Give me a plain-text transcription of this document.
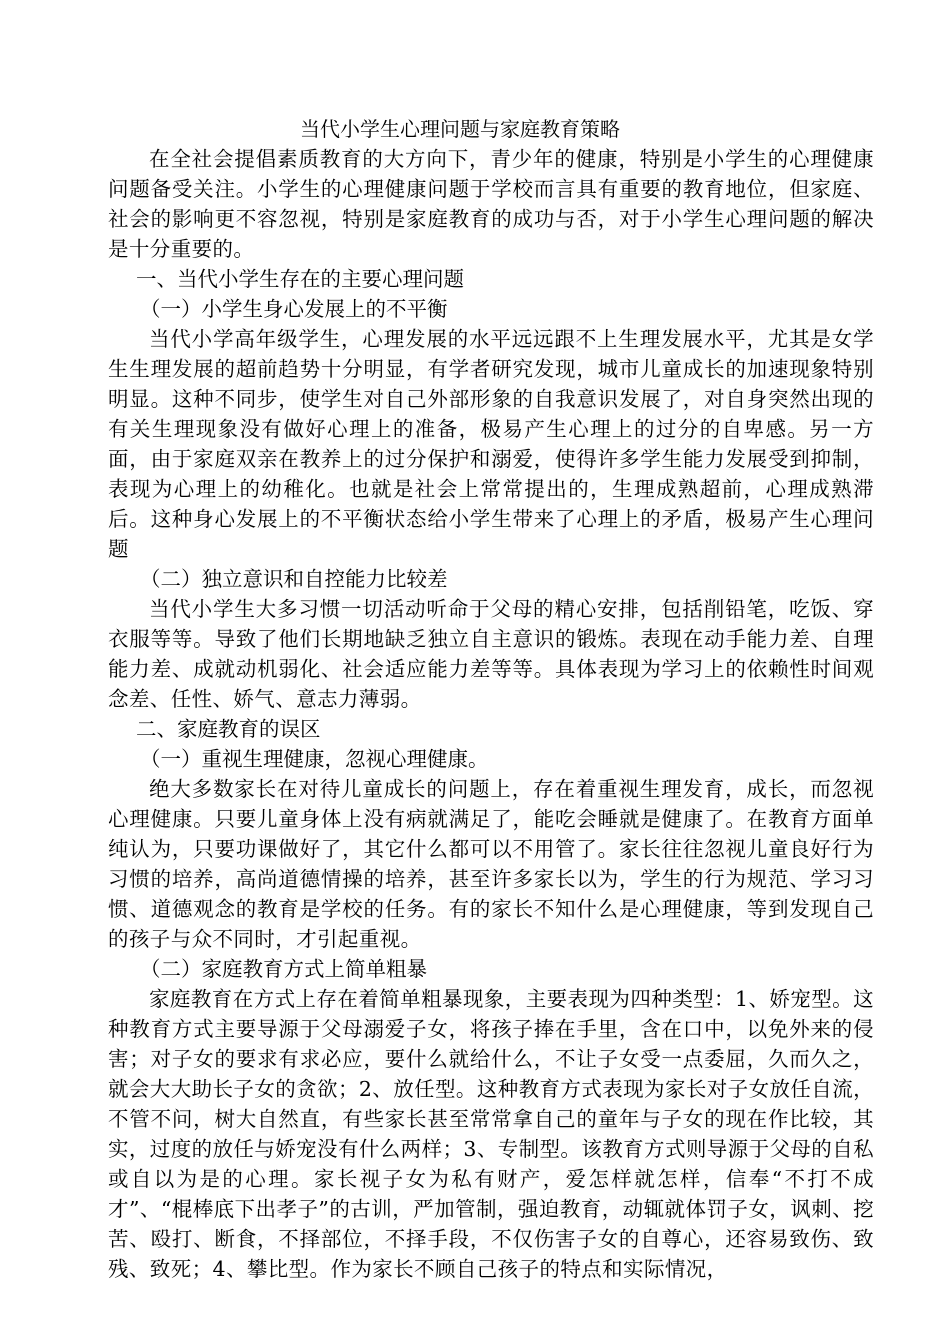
当代小学生心理问题与家庭教育策略

在全社会提倡素质教育的大方向下，青少年的健康，特别是小学生的心理健康问题备受关注。小学生的心理健康问题于学校而言具有重要的教育地位，但家庭、社会的影响更不容忽视，特别是家庭教育的成功与否，对于小学生心理问题的解决是十分重要的。

一、当代小学生存在的主要心理问题

（一）小学生身心发展上的不平衡

当代小学高年级学生，心理发展的水平远远跟不上生理发展水平，尤其是女学生生理发展的超前趋势十分明显，有学者研究发现，城市儿童成长的加速现象特别明显。这种不同步，使学生对自己外部形象的自我意识发展了，对自身突然出现的有关生理现象没有做好心理上的准备，极易产生心理上的过分的自卑感。另一方面，由于家庭双亲在教养上的过分保护和溺爱，使得许多学生能力发展受到抑制，表现为心理上的幼稚化。也就是社会上常常提出的，生理成熟超前，心理成熟滞后。这种身心发展上的不平衡状态给小学生带来了心理上的矛盾，极易产生心理问题

（二）独立意识和自控能力比较差

当代小学生大多习惯一切活动听命于父母的精心安排，包括削铅笔，吃饭、穿衣服等等。导致了他们长期地缺乏独立自主意识的锻炼。表现在动手能力差、自理能力差、成就动机弱化、社会适应能力差等等。具体表现为学习上的依赖性时间观念差、任性、娇气、意志力薄弱。

二、家庭教育的误区

（一）重视生理健康，忽视心理健康。

绝大多数家长在对待儿童成长的问题上，存在着重视生理发育，成长，而忽视心理健康。只要儿童身体上没有病就满足了，能吃会睡就是健康了。在教育方面单纯认为，只要功课做好了，其它什么都可以不用管了。家长往往忽视儿童良好行为习惯的培养，高尚道德情操的培养，甚至许多家长以为，学生的行为规范、学习习惯、道德观念的教育是学校的任务。有的家长不知什么是心理健康，等到发现自己的孩子与众不同时，才引起重视。

（二）家庭教育方式上简单粗暴

家庭教育在方式上存在着简单粗暴现象，主要表现为四种类型：1、娇宠型。这种教育方式主要导源于父母溺爱子女，将孩子捧在手里，含在口中，以免外来的侵害；对子女的要求有求必应，要什么就给什么，不让子女受一点委屈，久而久之，就会大大助长子女的贪欲；2、放任型。这种教育方式表现为家长对子女放任自流，不管不问，树大自然直，有些家长甚至常常拿自己的童年与子女的现在作比较，其实，过度的放任与娇宠没有什么两样；3、专制型。该教育方式则导源于父母的自私或自以为是的心理。家长视子女为私有财产，爱怎样就怎样，信奉“不打不成才”、“棍棒底下出孝子”的古训，严加管制，强迫教育，动辄就体罚子女，讽刺、挖苦、殴打、断食，不择部位，不择手段，不仅伤害子女的自尊心，还容易致伤、致残、致死；4、攀比型。作为家长不顾自己孩子的特点和实际情况，
